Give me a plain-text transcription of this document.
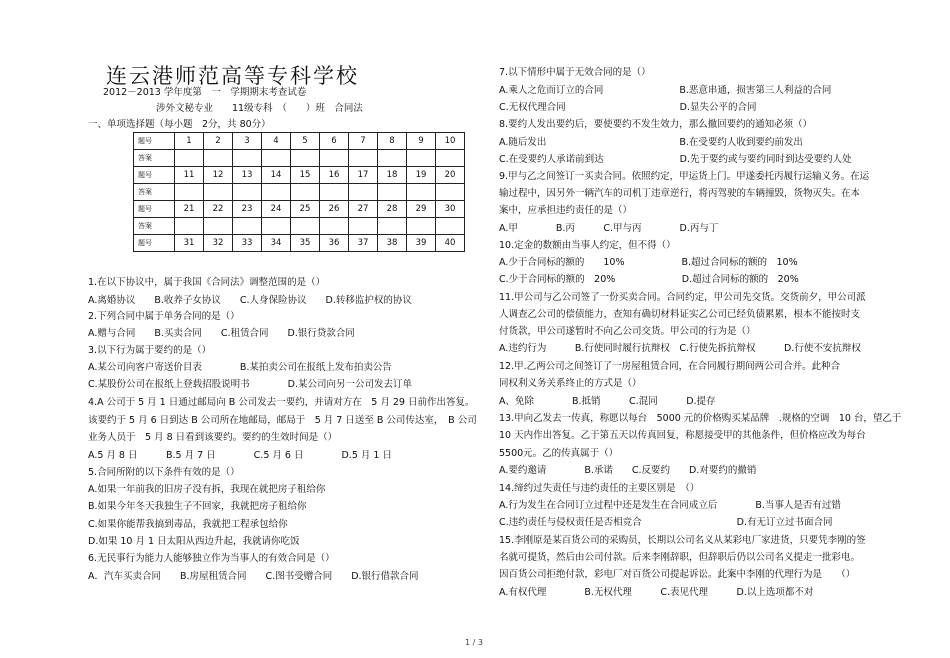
连云港师范高等专科学校
2012－2013 学年度第　一　学期期末考查试卷
涉外文秘专业　　11级专科　（　　）班　合同法
一、单项选择题（每小题　2分，共 80分）
题号	1	2	3	4	5	6	7	8	9	10
答案										
题号	11	12	13	14	15	16	17	18	19	20
答案										
题号	21	22	23	24	25	26	27	28	29	30
答案										
题号	31	32	33	34	35	36	37	38	39	40
1.在以下协议中，属于我国《合同法》调整范围的是（）
A.离婚协议　　B.收养子女协议　　C.人身保险协议　　D.转移监护权的协议
2.下列合同中属于单务合同的是（）
A.赠与合同　　B.买卖合同　　C.租赁合同　　D.银行贷款合同
3.以下行为属于要约的是（）
A.某公司向客户寄送价目表　　　　B.某拍卖公司在报纸上发布拍卖公告
C.某股份公司在报纸上登载招股说明书　　　　D.某公司向另一公司发去订单
4.A 公司于 5 月 1 日通过邮局向 B 公司发去一要约，并请对方在　5 月 29 日前作出答复。
该要约于 5 月 6 日到达 B 公司所在地邮局，邮局于　5 月 7 日送至 B 公司传达室，　B 公司
业务人员于　5 月 8 日看到该要约。要约的生效时间是（）
A.5 月 8 日　　　B.5 月 7 日　　　　C.5 月 6 日　　　　D.5 月 1 日
5.合同所附的以下条件有效的是（）
A.如果一年前我的旧房子没有拆，我现在就把房子租给你
B.如果今年冬天我独生子不回家，我就把房子租给你
C.如果你能帮我搞到毒品，我就把工程承包给你
D.如果 10 月 1 日太阳从西边升起，我就请你吃饭
6.无民事行为能力人能够独立作为当事人的有效合同是（）
A．汽车买卖合同　　B.房屋租赁合同　　C.图书受赠合同　　D.银行借款合同
7.以下情形中属于无效合同的是（）
A.乘人之危而订立的合同　　　　　　　　B.恶意串通，损害第三人利益的合同
C.无权代理合同　　　　　　　　　　　　D.显失公平的合同
8.要约人发出要约后，要使要约不发生效力，那么撤回要约的通知必须（）
A.随后发出　　　　　　　　　　　　　　B.在受要约人收到要约前发出
C.在受要约人承诺前到达　　　　　　　　D.先于要约或与要约同时到达受要约人处
9.甲与乙之间签订一买卖合同。依照约定，甲运货上门。甲遂委托丙履行运输义务。在运
输过程中，因另外一辆汽车的司机丁违章逆行，将丙驾驶的车辆撞毁，货物灭失。在本
案中，应承担违约责任的是（）
A.甲　　　　B.丙　　　C.甲与丙　　　　D.丙与丁
10.定金的数额由当事人约定，但不得（）
A.少于合同标的额的　　10%　　　　　　B.超过合同标的额的　10%
C.少于合同标的额的　20%　　　　　　　D.超过合同标的额的　20%
11.甲公司与乙公司签了一份买卖合同。合同约定，甲公司先交货。交货前夕，甲公司派
人调查乙公司的偿债能力，查知有确切材料证实乙公司已经负债累累，根本不能按时支
付货款，甲公司遂暂时不向乙公司交货。甲公司的行为是（）
A.违约行为　　　B.行使同时履行抗辩权　C.行使先拆抗辩权　　　D.行使不安抗辩权
12.甲.乙两公司之间签订了一房屋租赁合同，在合同履行期间两公司合并。此种合
同权利义务关系终止的方式是（）
A、免除　　　　B.抵销　　　C.混同　　　D.提存
13.甲向乙发去一传真，称愿以每台　5000 元的价格购买某品牌　.规格的空调　10 台，望乙于
10 天内作出答复。乙于第五天以传真回复，称愿接受甲的其他条件，但价格应改为每台
5500元。乙的传真属于（）
A.要约邀请　　　　B.承诺　　C.反要约　　D.对要约的撤销
14.缔约过失责任与违约责任的主要区别是　（）
A.行为发生在合同订立过程中还是发生在合同成立后　　　　B.当事人是否有过错
C.违约责任与侵权责任是否相竞合　　　　　　　　　　D.有无订立过书面合同
15.李刚原是某百货公司的采购员，长期以公司名义从某彩电厂家进货，只要凭李刚的签
名就可提货，然后由公司付款。后来李刚辞职，但辞职后仍以公司名义提走一批彩电。
因百货公司拒绝付款，彩电厂对百货公司提起诉讼。此案中李刚的代理行为是　　（）
A.有权代理　　　　B.无权代理　　　C.表见代理　　　D.以上选项都不对
1 / 3
